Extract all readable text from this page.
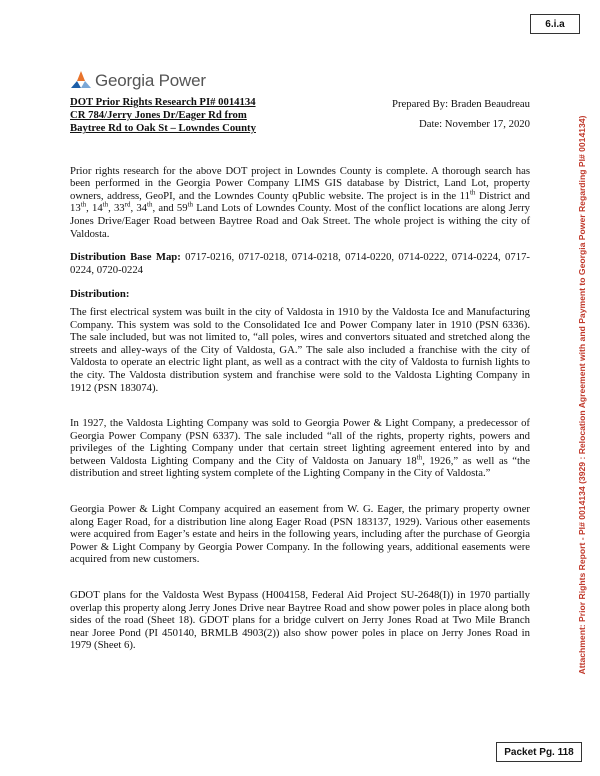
6.i.a
Attachment: Prior Rights Report - PI# 0014134 (3929 : Relocation Agreement with and Payment to Georgia Power Regarding PI# 0014134)
Georgia Power
DOT Prior Rights Research PI# 0014134
CR 784/Jerry Jones Dr/Eager Rd from
Baytree Rd to Oak St – Lowndes County
Prepared By: Braden Beaudreau
Date: November 17, 2020

Prior rights research for the above DOT project in Lowndes County is complete. A thorough search has been performed in the Georgia Power Company LIMS GIS database by District, Land Lot, property owners, address, GeoPI, and the Lowndes County qPublic website. The project is in the 11th District and 13th, 14th, 33rd, 34th, and 59th Land Lots of Lowndes County. Most of the conflict locations are along Jerry Jones Drive/Eager Road between Baytree Road and Oak Street. The whole project is withing the city of Valdosta.

Distribution Base Map: 0717-0216, 0717-0218, 0714-0218, 0714-0220, 0714-0222, 0714-0224, 0717-0224, 0720-0224

Distribution:

The first electrical system was built in the city of Valdosta in 1910 by the Valdosta Ice and Manufacturing Company. This system was sold to the Consolidated Ice and Power Company later in 1910 (PSN 6336). The sale included, but was not limited to, “all poles, wires and convertors situated and stretched along the streets and alley-ways of the City of Valdosta, GA.” The sale also included a franchise with the city of Valdosta to operate an electric light plant, as well as a contract with the city of Valdosta to furnish lights to the city. The Valdosta distribution system and franchise were sold to the Valdosta Lighting Company in 1912 (PSN 183074).

In 1927, the Valdosta Lighting Company was sold to Georgia Power & Light Company, a predecessor of Georgia Power Company (PSN 6337). The sale included “all of the rights, property rights, powers and privileges of the Lighting Company under that certain street lighting agreement entered into by and between Valdosta Lighting Company and the City of Valdosta on January 18th, 1926,” as well as “the distribution and street lighting system complete of the Lighting Company in the City of Valdosta.”

Georgia Power & Light Company acquired an easement from W. G. Eager, the primary property owner along Eager Road, for a distribution line along Eager Road (PSN 183137, 1929). Various other easements were acquired from Eager’s estate and heirs in the following years, including after the purchase of Georgia Power & Light Company by Georgia Power Company. In the following years, additional easements were acquired from new customers.

GDOT plans for the Valdosta West Bypass (H004158, Federal Aid Project SU-2648(I)) in 1970 partially overlap this property along Jerry Jones Drive near Baytree Road and show power poles in place along both sides of the road (Sheet 18). GDOT plans for a bridge culvert on Jerry Jones Road at Two Mile Branch near Joree Pond (PI 450140, BRMLB 4903(2)) also show power poles in place on Jerry Jones Road in 1979 (Sheet 6).

Packet Pg. 118
